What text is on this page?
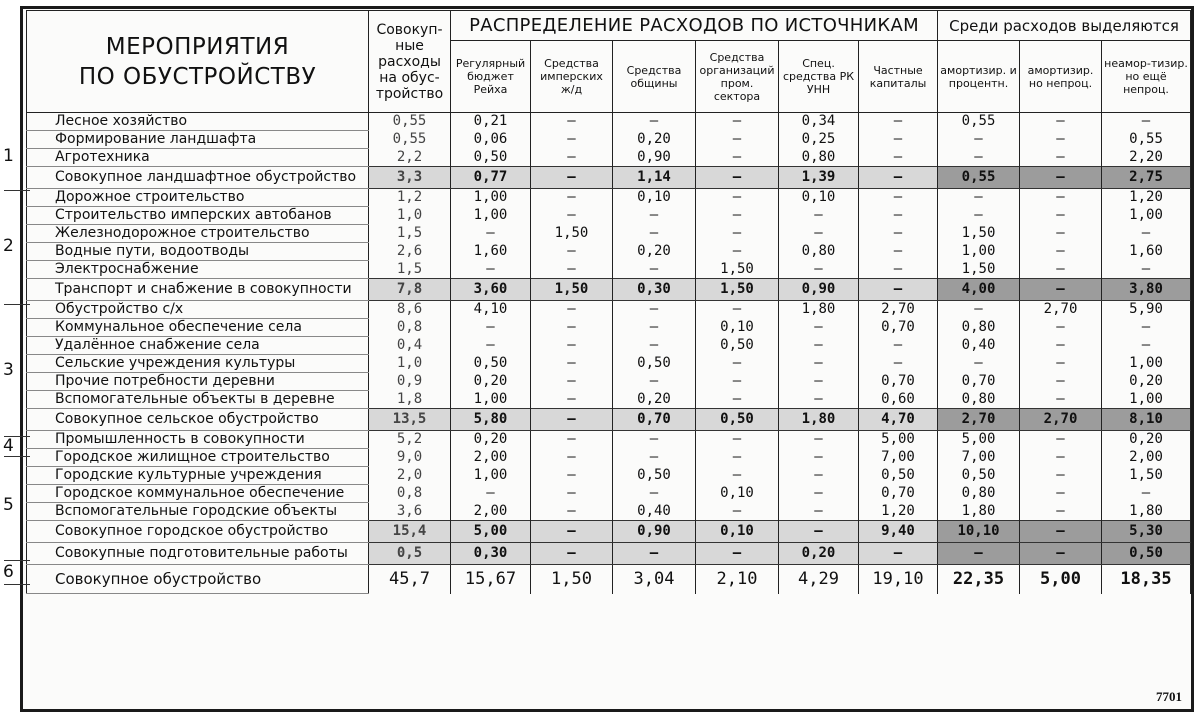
МЕРОПРИЯТИЯ
ПО ОБУСТРОЙСТВУ	Совокуп-ные расходы на обус-тройство	РАСПРЕДЕЛЕНИЕ РАСХОДОВ ПО ИСТОЧНИКАМ						Среди расходов выделяются		
		Регулярный бюджет Рейха	Средства имперских ж/д	Средства общины	Средства организаций пром. сектора	Спец. средства РК УНН	Частные капиталы	амортизир. и процентн.	амортизир. но непроц.	неамор-тизир. но ещё непроц.
Лесное хозяйство	0,55	0,21	—	—	—	0,34	—	0,55	—	—
Формирование ландшафта	0,55	0,06	—	0,20	—	0,25	—	—	—	0,55
Агротехника	2,2	0,50	—	0,90	—	0,80	—	—	—	2,20
Совокупное ландшафтное обустройство	3,3	0,77	—	1,14	—	1,39	—	0,55	—	2,75
Дорожное строительство	1,2	1,00	—	0,10	—	0,10	—	—	—	1,20
Строительство имперских автобанов	1,0	1,00	—	—	—	—	—	—	—	1,00
Железнодорожное строительство	1,5	—	1,50	—	—	—	—	1,50	—	—
Водные пути, водоотводы	2,6	1,60	—	0,20	—	0,80	—	1,00	—	1,60
Электроснабжение	1,5	—	—	—	1,50	—	—	1,50	—	—
Транспорт и снабжение в совокупности	7,8	3,60	1,50	0,30	1,50	0,90	—	4,00	—	3,80
Обустройство с/х	8,6	4,10	—	—	—	1,80	2,70	—	2,70	5,90
Коммунальное обеспечение села	0,8	—	—	—	0,10	—	0,70	0,80	—	—
Удалённое снабжение села	0,4	—	—	—	0,50	—	—	0,40	—	—
Сельские учреждения культуры	1,0	0,50	—	0,50	—	—	—	—	—	1,00
Прочие потребности деревни	0,9	0,20	—	—	—	—	0,70	0,70	—	0,20
Вспомогательные объекты в деревне	1,8	1,00	—	0,20	—	—	0,60	0,80	—	1,00
Совокупное сельское обустройство	13,5	5,80	—	0,70	0,50	1,80	4,70	2,70	2,70	8,10
Промышленность в совокупности	5,2	0,20	—	—	—	—	5,00	5,00	—	0,20
Городское жилищное строительство	9,0	2,00	—	—	—	—	7,00	7,00	—	2,00
Городские культурные учреждения	2,0	1,00	—	0,50	—	—	0,50	0,50	—	1,50
Городское коммунальное обеспечение	0,8	—	—	—	0,10	—	0,70	0,80	—	—
Вспомогательные городские объекты	3,6	2,00	—	0,40	—	—	1,20	1,80	—	1,80
Совокупное городское обустройство	15,4	5,00	—	0,90	0,10	—	9,40	10,10	—	5,30
Совокупные подготовительные работы	0,5	0,30	—	—	—	0,20	—	—	—	0,50
Совокупное обустройство	45,7	15,67	1,50	3,04	2,10	4,29	19,10	22,35	5,00	18,35
1
2
3
4
5
6
7701
